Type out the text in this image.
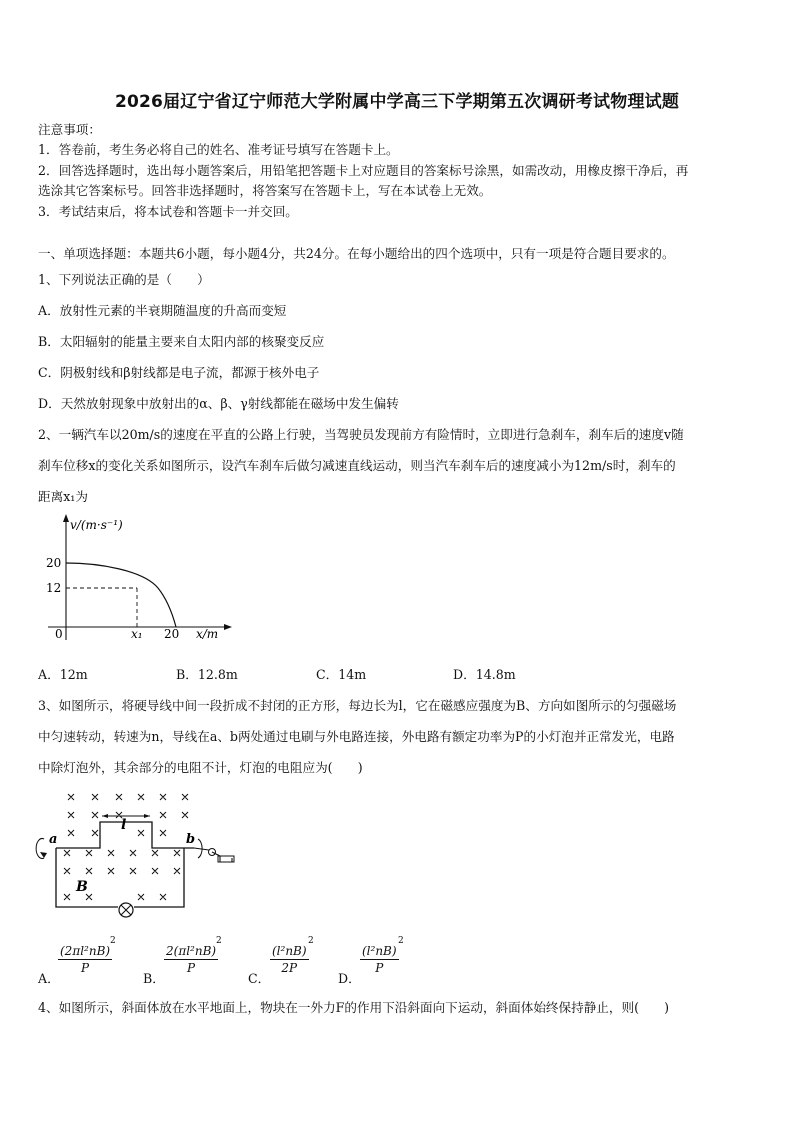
2026届辽宁省辽宁师范大学附属中学高三下学期第五次调研考试物理试题
注意事项：
1．答卷前，考生务必将自己的姓名、准考证号填写在答题卡上。
2．回答选择题时，选出每小题答案后，用铅笔把答题卡上对应题目的答案标号涂黑，如需改动，用橡皮擦干净后，再
选涂其它答案标号。回答非选择题时，将答案写在答题卡上，写在本试卷上无效。
3．考试结束后，将本试卷和答题卡一并交回。
一、单项选择题：本题共6小题，每小题4分，共24分。在每小题给出的四个选项中，只有一项是符合题目要求的。
1、下列说法正确的是（　　）
A．放射性元素的半衰期随温度的升高而变短
B．太阳辐射的能量主要来自太阳内部的核聚变反应
C．阴极射线和β射线都是电子流，都源于核外电子
D．天然放射现象中放射出的α、β、γ射线都能在磁场中发生偏转
2、一辆汽车以20m/s的速度在平直的公路上行驶，当驾驶员发现前方有险情时，立即进行急刹车，刹车后的速度v随
刹车位移x的变化关系如图所示，设汽车刹车后做匀减速直线运动，则当汽车刹车后的速度减小为12m/s时，刹车的
距离x₁为
v/(m·s⁻¹)
20
12
0	x₁ 20 x/m
A．12m	B．12.8m	C．14m	D．14.8m
3、如图所示，将硬导线中间一段折成不封闭的正方形，每边长为l，它在磁感应强度为B、方向如图所示的匀强磁场
中匀速转动，转速为n，导线在a、b两处通过电刷与外电路连接，外电路有额定功率为P的小灯泡并正常发光，电路
中除灯泡外，其余部分的电阻不计，灯泡的电阻应为(　　)
a	b
l
B
A．
$\frac{\text{(2πl²nB)}}{P}$
2
B．
$\frac{\text{2(πl²nB)}}{P}$
2
C．
$\frac{\text{(l²nB)}}{2P}$
2
D．
$\frac{\text{(l²nB)}}{P}$
2
4、如图所示，斜面体放在水平地面上，物块在一外力F的作用下沿斜面向下运动，斜面体始终保持静止，则(　　)
